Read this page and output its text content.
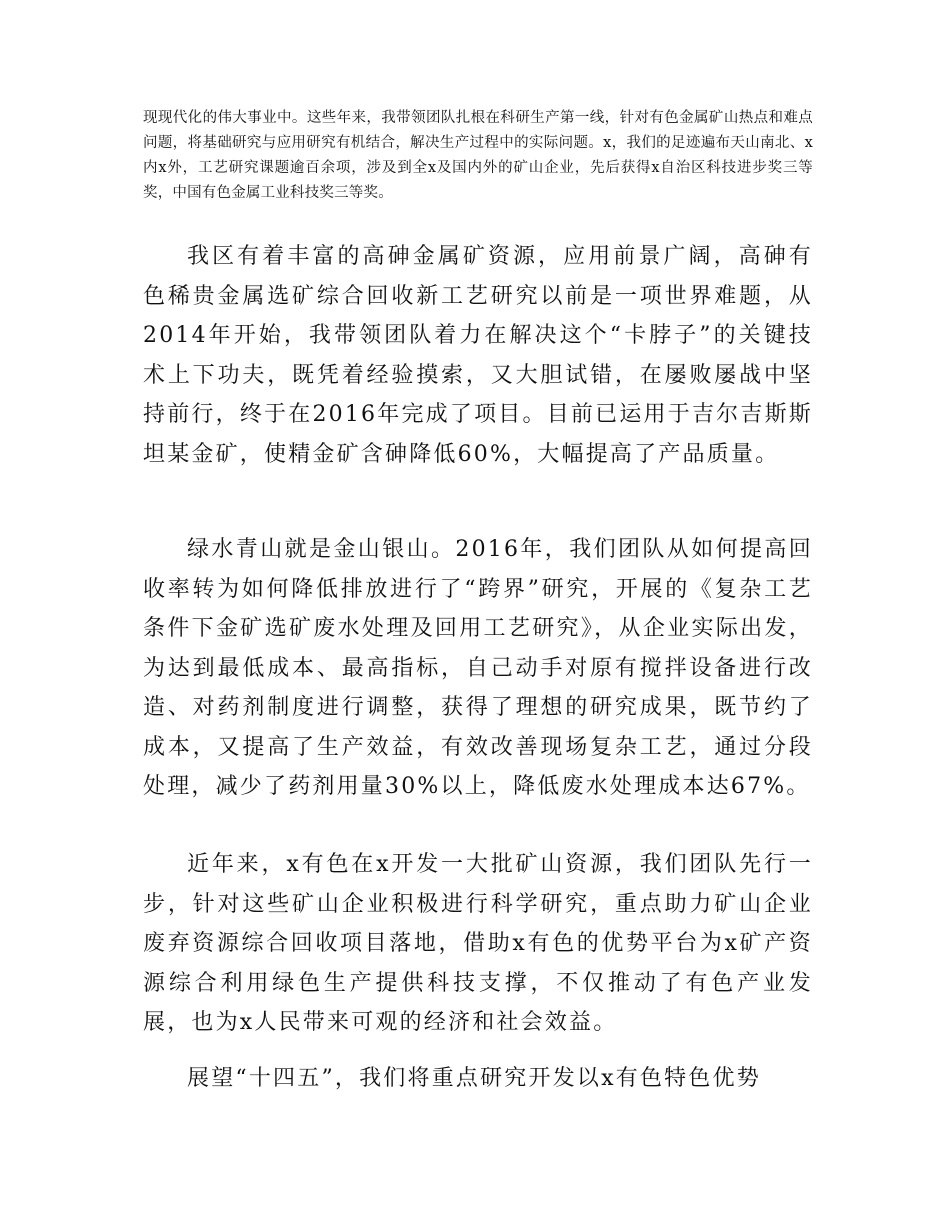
现现代化的伟大事业中。这些年来，我带领团队扎根在科研生产第一线，针对有色金属矿山热点和难点问题，将基础研究与应用研究有机结合，解决生产过程中的实际问题。x，我们的足迹遍布天山南北、x内x外，工艺研究课题逾百余项，涉及到全x及国内外的矿山企业，先后获得x自治区科技进步奖三等奖，中国有色金属工业科技奖三等奖。

我区有着丰富的高砷金属矿资源，应用前景广阔，高砷有色稀贵金属选矿综合回收新工艺研究以前是一项世界难题，从2014年开始，我带领团队着力在解决这个“卡脖子”的关键技术上下功夫，既凭着经验摸索，又大胆试错，在屡败屡战中坚持前行，终于在2016年完成了项目。目前已运用于吉尔吉斯斯坦某金矿，使精金矿含砷降低60%，大幅提高了产品质量。

绿水青山就是金山银山。2016年，我们团队从如何提高回收率转为如何降低排放进行了“跨界”研究，开展的《复杂工艺条件下金矿选矿废水处理及回用工艺研究》，从企业实际出发，为达到最低成本、最高指标，自己动手对原有搅拌设备进行改造、对药剂制度进行调整，获得了理想的研究成果，既节约了成本，又提高了生产效益，有效改善现场复杂工艺，通过分段处理，减少了药剂用量30%以上，降低废水处理成本达67%。

近年来，x有色在x开发一大批矿山资源，我们团队先行一步，针对这些矿山企业积极进行科学研究，重点助力矿山企业废弃资源综合回收项目落地，借助x有色的优势平台为x矿产资源综合利用绿色生产提供科技支撑，不仅推动了有色产业发展，也为x人民带来可观的经济和社会效益。

展望“十四五”，我们将重点研究开发以x有色特色优势
